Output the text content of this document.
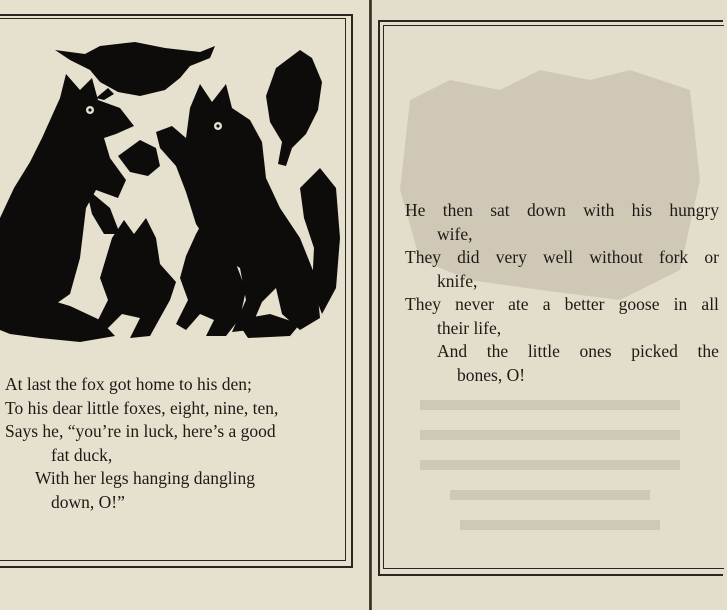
At last the fox got home to his den;
To his dear little foxes, eight, nine, ten,
Says he, “you’re in luck, here’s a good
fat duck,
With her legs hanging dangling
down, O!”

He then sat down with his hungry
wife,
They did very well without fork or
knife,
They never ate a better goose in all
their life,
And the little ones picked the
bones, O!
